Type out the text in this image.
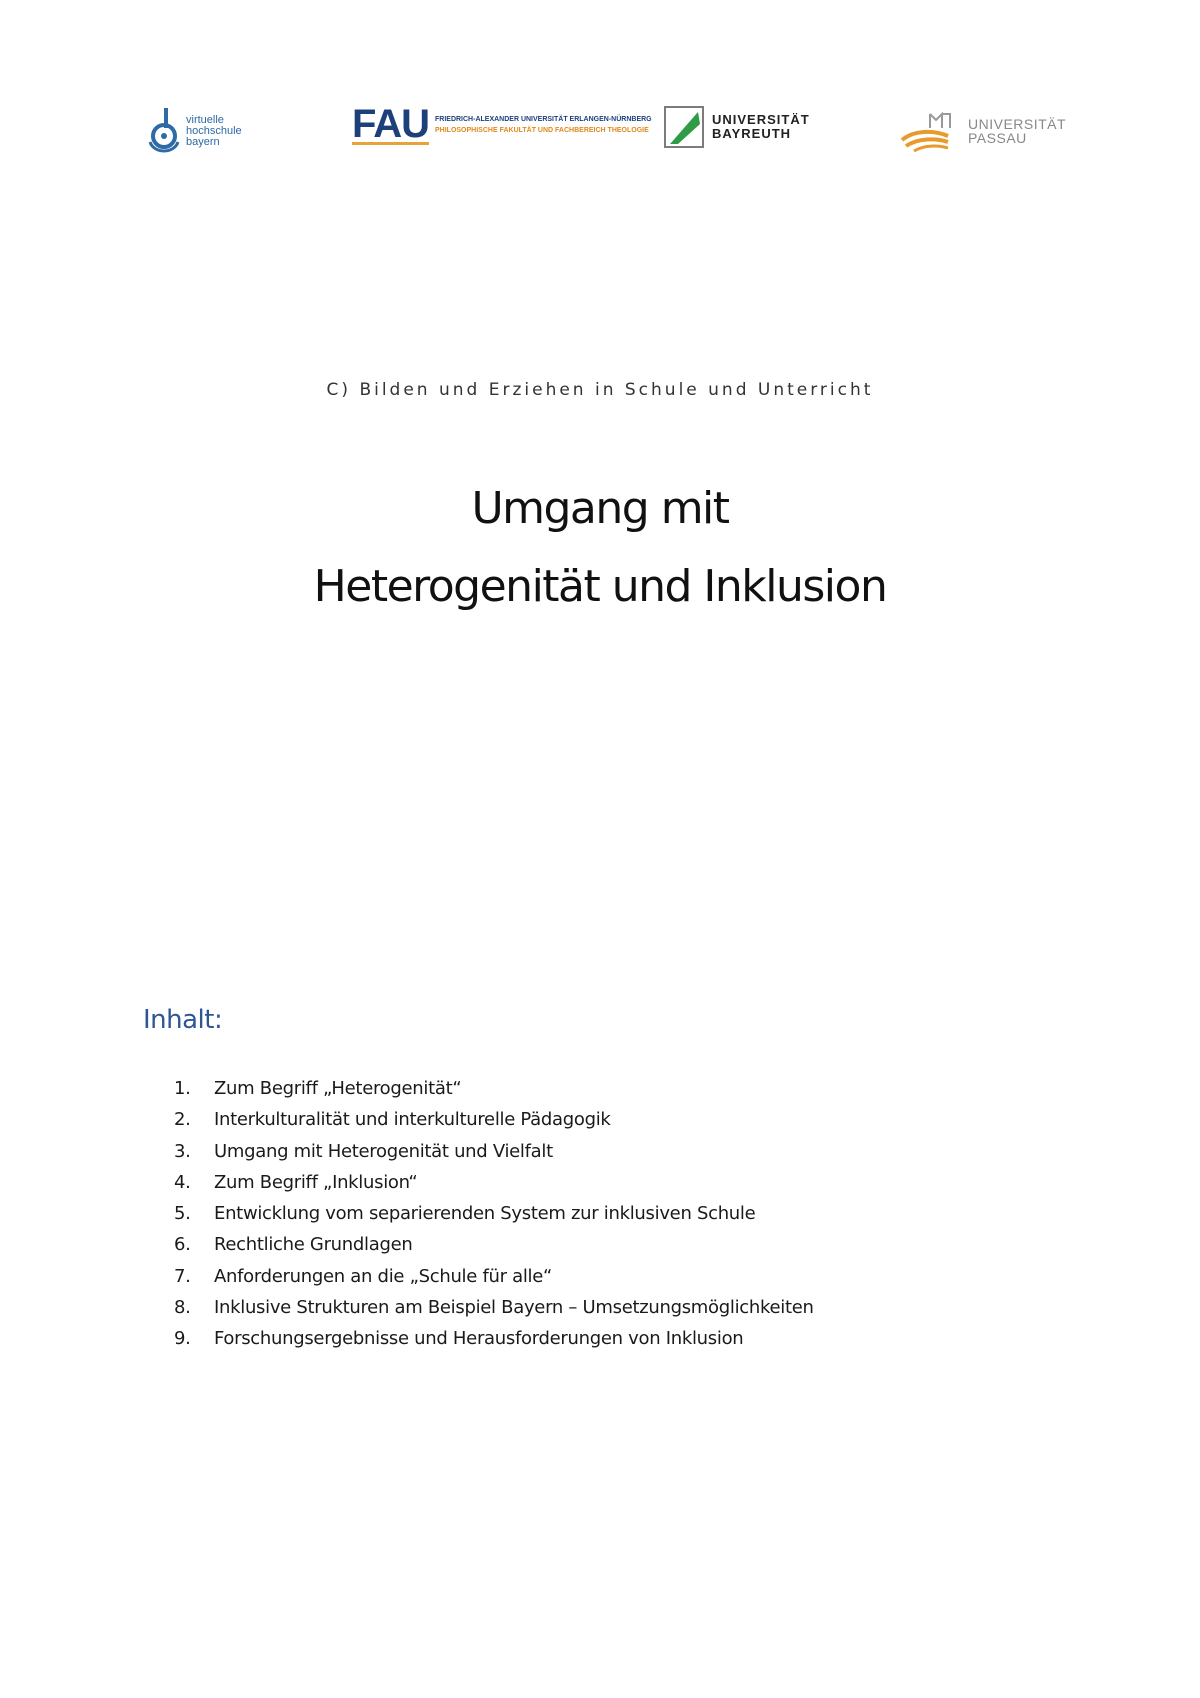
virtuelle
hochschule
bayern	FAU FRIEDRICH-ALEXANDER UNIVERSITÄT ERLANGEN-NÜRNBERG
PHILOSOPHISCHE FAKULTÄT UND FACHBEREICH THEOLOGIE
UNIVERSITÄT
BAYREUTH
UNIVERSITÄT
PASSAU
C) Bilden und Erziehen in Schule und Unterricht
Umgang mit
Heterogenität und Inklusion
Inhalt:
1.	Zum Begriff „Heterogenität“
2.	Interkulturalität und interkulturelle Pädagogik
3.	Umgang mit Heterogenität und Vielfalt
4.	Zum Begriff „Inklusion“
5.	Entwicklung vom separierenden System zur inklusiven Schule
6.	Rechtliche Grundlagen
7.	Anforderungen an die „Schule für alle“
8.	Inklusive Strukturen am Beispiel Bayern – Umsetzungsmöglichkeiten
9.	Forschungsergebnisse und Herausforderungen von Inklusion
